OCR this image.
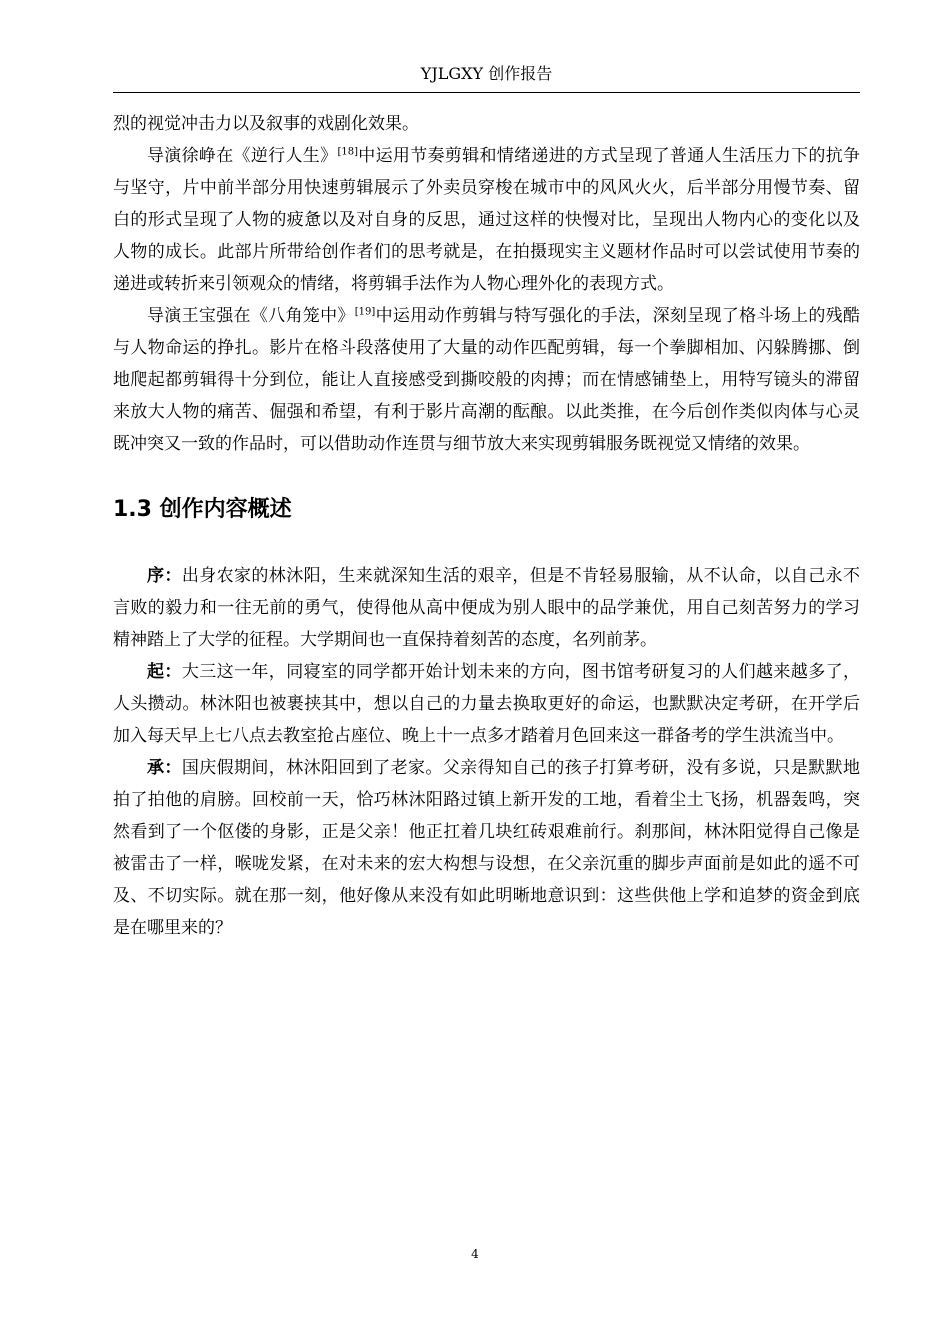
YJLGXY 创作报告

烈的视觉冲击力以及叙事的戏剧化效果。

导演徐峥在《逆行人生》[18]中运用节奏剪辑和情绪递进的方式呈现了普通人生活压力下的抗争与坚守，片中前半部分用快速剪辑展示了外卖员穿梭在城市中的风风火火，后半部分用慢节奏、留白的形式呈现了人物的疲惫以及对自身的反思，通过这样的快慢对比，呈现出人物内心的变化以及人物的成长。此部片所带给创作者们的思考就是，在拍摄现实主义题材作品时可以尝试使用节奏的递进或转折来引领观众的情绪，将剪辑手法作为人物心理外化的表现方式。

导演王宝强在《八角笼中》[19]中运用动作剪辑与特写强化的手法，深刻呈现了格斗场上的残酷与人物命运的挣扎。影片在格斗段落使用了大量的动作匹配剪辑，每一个拳脚相加、闪躲腾挪、倒地爬起都剪辑得十分到位，能让人直接感受到撕咬般的肉搏；而在情感铺垫上，用特写镜头的滞留来放大人物的痛苦、倔强和希望，有利于影片高潮的酝酿。以此类推，在今后创作类似肉体与心灵既冲突又一致的作品时，可以借助动作连贯与细节放大来实现剪辑服务既视觉又情绪的效果。

1.3 创作内容概述

序：出身农家的林沐阳，生来就深知生活的艰辛，但是不肯轻易服输，从不认命，以自己永不言败的毅力和一往无前的勇气，使得他从高中便成为别人眼中的品学兼优，用自己刻苦努力的学习精神踏上了大学的征程。大学期间也一直保持着刻苦的态度，名列前茅。

起：大三这一年，同寝室的同学都开始计划未来的方向，图书馆考研复习的人们越来越多了，人头攒动。林沐阳也被裹挟其中，想以自己的力量去换取更好的命运，也默默决定考研，在开学后加入每天早上七八点去教室抢占座位、晚上十一点多才踏着月色回来这一群备考的学生洪流当中。

承：国庆假期间，林沐阳回到了老家。父亲得知自己的孩子打算考研，没有多说，只是默默地拍了拍他的肩膀。回校前一天，恰巧林沐阳路过镇上新开发的工地，看着尘土飞扬，机器轰鸣，突然看到了一个伛偻的身影，正是父亲！他正扛着几块红砖艰难前行。刹那间，林沐阳觉得自己像是被雷击了一样，喉咙发紧，在对未来的宏大构想与设想，在父亲沉重的脚步声面前是如此的遥不可及、不切实际。就在那一刻，他好像从来没有如此明晰地意识到：这些供他上学和追梦的资金到底是在哪里来的？

4
